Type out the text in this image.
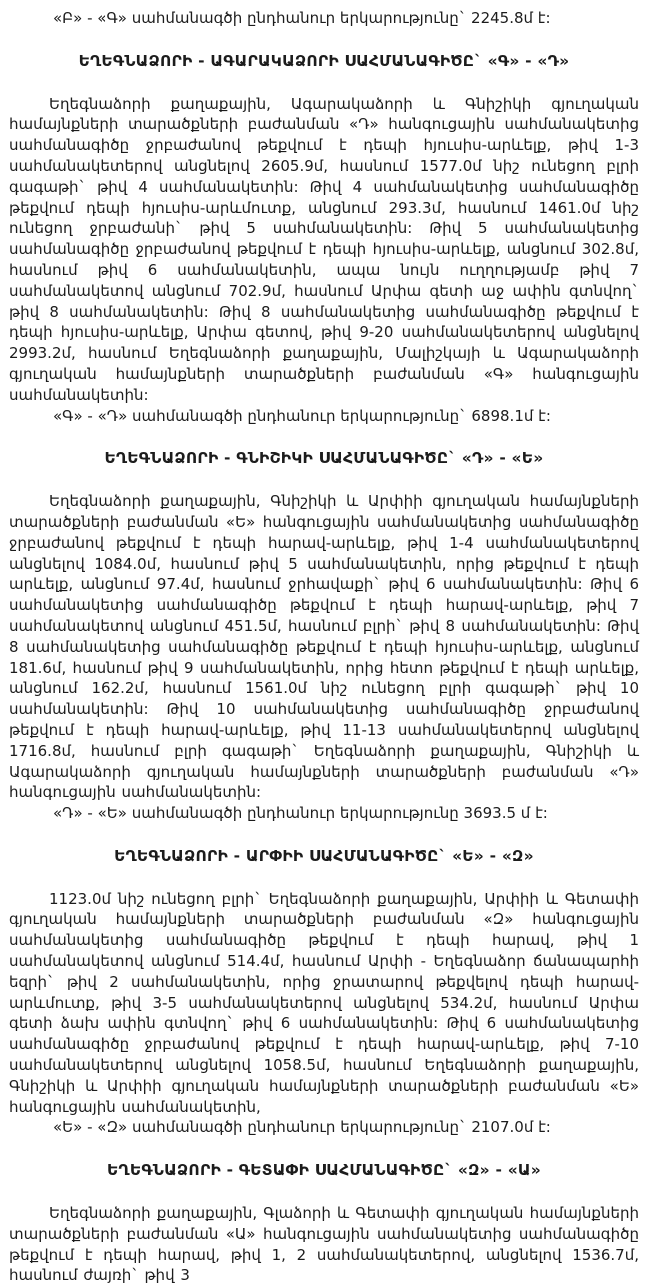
«Բ» - «Գ» սահմանագծի ընդհանուր երկարությունը` 2245.8մ է:

ԵՂԵԳՆԱՁՈՐԻ - ԱԳԱՐԱԿԱՁՈՐԻ ՍԱՀՄԱՆԱԳԻԾԸ` «Գ» - «Դ»

Եղեգնաձորի քաղաքային, Ագարակաձորի և Գնիշիկի գյուղական համայնքների տարածքների բաժանման «Դ» հանգուցային սահմանակետից սահմանագիծը ջրբաժանով թեքվում է դեպի հյուսիս-արևելք, թիվ 1-3 սահմանակետերով անցնելով 2605.9մ, հասնում 1577.0մ նիշ ունեցող բլրի գագաթի` թիվ 4 սահմանակետին: Թիվ 4 սահմանակետից սահմանագիծը թեքվում դեպի հյուսիս-արևմուտք, անցնում 293.3մ, հասնում 1461.0մ նիշ ունեցող ջրբաժանի` թիվ 5 սահմանակետին: Թիվ 5 սահմանակետից սահմանագիծը ջրբաժանով թեքվում է դեպի հյուսիս-արևելք, անցնում 302.8մ, հասնում թիվ 6 սահմանակետին, ապա նույն ուղղությամբ թիվ 7 սահմանակետով անցնում 702.9մ, հասնում Արփա գետի աջ ափին գտնվող` թիվ 8 սահմանակետին: Թիվ 8 սահմանակետից սահմանագիծը թեքվում է դեպի հյուսիս-արևելք, Արփա գետով, թիվ 9-20 սահմանակետերով անցնելով 2993.2մ, հասնում Եղեգնաձորի քաղաքային, Մալիշկայի և Ագարակաձորի գյուղական համայնքների տարածքների բաժանման «Գ» հանգուցային սահմանակետին:

«Գ» - «Դ» սահմանագծի ընդհանուր երկարությունը` 6898.1մ է:

ԵՂԵԳՆԱՁՈՐԻ - ԳՆԻՇԻԿԻ ՍԱՀՄԱՆԱԳԻԾԸ` «Դ» - «Ե»

Եղեգնաձորի քաղաքային, Գնիշիկի և Արփիի գյուղական համայնքների տարածքների բաժանման «Ե» հանգուցային սահմանակետից սահմանագիծը ջրբաժանով թեքվում է դեպի հարավ-արևելք, թիվ 1-4 սահմանակետերով անցնելով 1084.0մ, հասնում թիվ 5 սահմանակետին, որից թեքվում է դեպի արևելք, անցնում 97.4մ, հասնում ջրհավաքի` թիվ 6 սահմանակետին: Թիվ 6 սահմանակետից սահմանագիծը թեքվում է դեպի հարավ-արևելք, թիվ 7 սահմանակետով անցնում 451.5մ, հասնում բլրի` թիվ 8 սահմանակետին: Թիվ 8 սահմանակետից սահմանագիծը թեքվում է դեպի հյուսիս-արևելք, անցնում 181.6մ, հասնում թիվ 9 սահմանակետին, որից հետո թեքվում է դեպի արևելք, անցնում 162.2մ, հասնում 1561.0մ նիշ ունեցող բլրի գագաթի` թիվ 10 սահմանակետին: Թիվ 10 սահմանակետից սահմանագիծը ջրբաժանով թեքվում է դեպի հարավ-արևելք, թիվ 11-13 սահմանակետերով անցնելով 1716.8մ, հասնում բլրի գագաթի` Եղեգնաձորի քաղաքային, Գնիշիկի և Ագարակաձորի գյուղական համայնքների տարածքների բաժանման «Դ» հանգուցային սահմանակետին:

«Դ» - «Ե» սահմանագծի ընդհանուր երկարությունը 3693.5 մ է:

ԵՂԵԳՆԱՁՈՐԻ - ԱՐՓԻԻ ՍԱՀՄԱՆԱԳԻԾԸ` «Ե» - «Զ»

1123.0մ նիշ ունեցող բլրի` Եղեգնաձորի քաղաքային, Արփիի և Գետափի գյուղական համայնքների տարածքների բաժանման «Զ» հանգուցային սահմանակետից սահմանագիծը թեքվում է դեպի հարավ, թիվ 1 սահմանակետով անցնում 514.4մ, հասնում Արփի - Եղեգնաձոր ճանապարհի եզրի` թիվ 2 սահմանակետին, որից ջրատարով թեքվելով դեպի հարավ-արևմուտք, թիվ 3-5 սահմանակետերով անցնելով 534.2մ, հասնում Արփա գետի ձախ ափին գտնվող` թիվ 6 սահմանակետին: Թիվ 6 սահմանակետից սահմանագիծը ջրբաժանով թեքվում է դեպի հարավ-արևելք, թիվ 7-10 սահմանակետերով անցնելով 1058.5մ, հասնում Եղեգնաձորի քաղաքային, Գնիշիկի և Արփիի գյուղական համայնքների տարածքների բաժանման «Ե» հանգուցային սահմանակետին,

«Ե» - «Զ» սահմանագծի ընդհանուր երկարությունը` 2107.0մ է:

ԵՂԵԳՆԱՁՈՐԻ - ԳԵՏԱՓԻ ՍԱՀՄԱՆԱԳԻԾԸ` «Զ» - «Ա»

Եղեգնաձորի քաղաքային, Գլաձորի և Գետափի գյուղական համայնքների տարածքների բաժանման «Ա» հանգուցային սահմանակետից սահմանագիծը թեքվում է դեպի հարավ, թիվ 1, 2 սահմանակետերով, անցնելով 1536.7մ, հասնում ժայռի` թիվ 3
